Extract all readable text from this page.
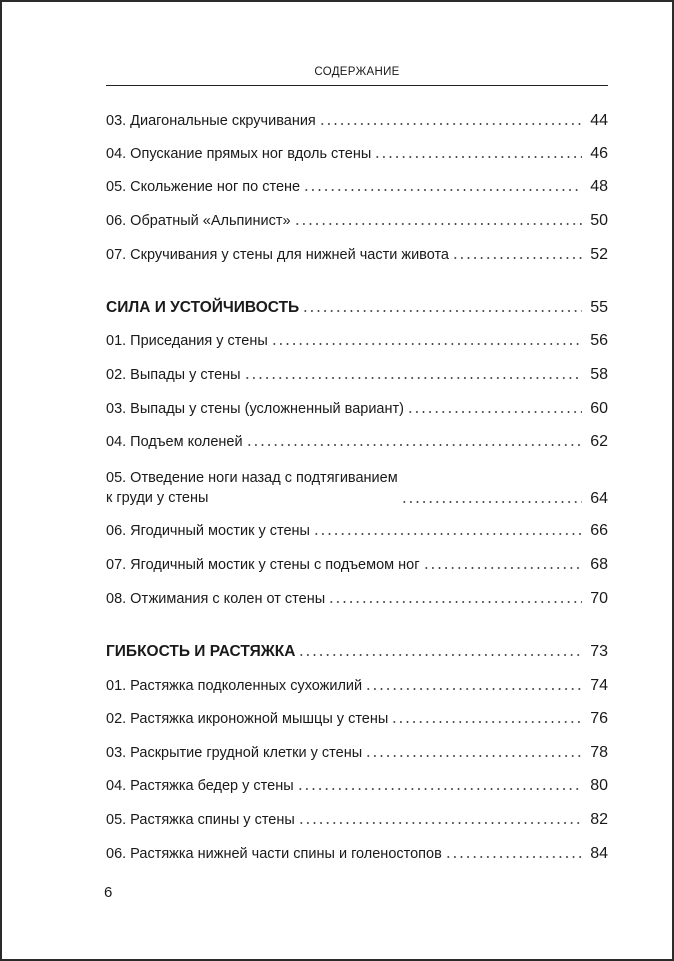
СОДЕРЖАНИЕ
03. Диагональные скручивания	44
04. Опускание прямых ног вдоль стены	46
05. Скольжение ног по стене	48
06. Обратный «Альпинист»	50
07. Скручивания у стены для нижней части живота	52
СИЛА И УСТОЙЧИВОСТЬ	55
01. Приседания у стены	56
02. Выпады у стены	58
03. Выпады у стены (усложненный вариант)	60
04. Подъем коленей	62
05. Отведение ноги назад с подтягиванием
к груди у стены	64
06. Ягодичный мостик у стены	66
07. Ягодичный мостик у стены с подъемом ног	68
08. Отжимания с колен от стены	70
ГИБКОСТЬ И РАСТЯЖКА	73
01. Растяжка подколенных сухожилий	74
02. Растяжка икроножной мышцы у стены	76
03. Раскрытие грудной клетки у стены	78
04. Растяжка бедер у стены	80
05. Растяжка спины у стены	82
06. Растяжка нижней части спины и голеностопов	84
6
